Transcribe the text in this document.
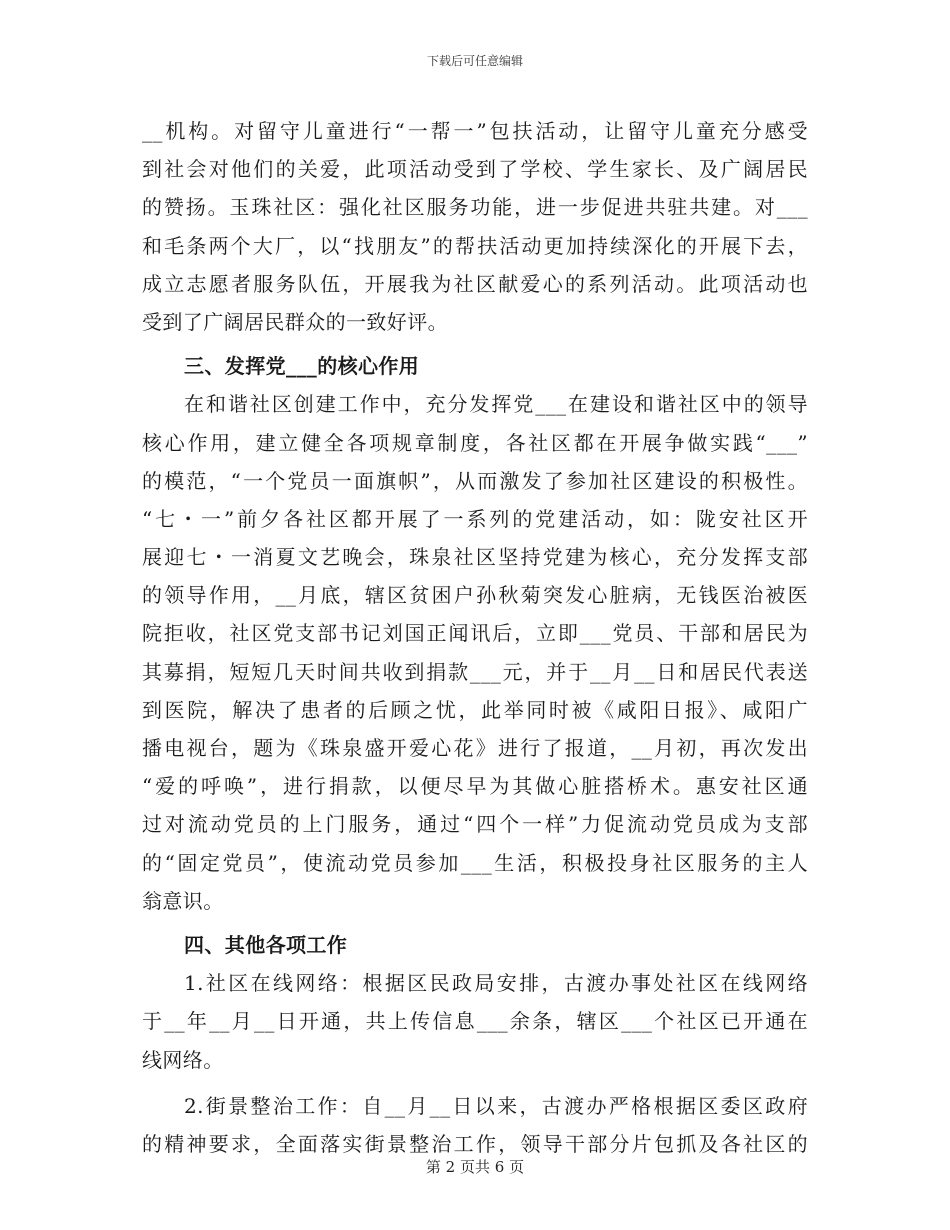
下载后可任意编辑
__机构。对留守儿童进行“一帮一”包扶活动，让留守儿童充分感受
到社会对他们的关爱，此项活动受到了学校、学生家长、及广阔居民
的赞扬。玉珠社区：强化社区服务功能，进一步促进共驻共建。对___
和毛条两个大厂，以“找朋友”的帮扶活动更加持续深化的开展下去，
成立志愿者服务队伍，开展我为社区献爱心的系列活动。此项活动也
受到了广阔居民群众的一致好评。
三、发挥党___的核心作用
在和谐社区创建工作中，充分发挥党___在建设和谐社区中的领导
核心作用，建立健全各项规章制度，各社区都在开展争做实践“___”
的模范，“一个党员一面旗帜”，从而激发了参加社区建设的积极性。
“七・一”前夕各社区都开展了一系列的党建活动，如：陇安社区开
展迎七・一消夏文艺晚会，珠泉社区坚持党建为核心，充分发挥支部
的领导作用，__月底，辖区贫困户孙秋菊突发心脏病，无钱医治被医
院拒收，社区党支部书记刘国正闻讯后，立即___党员、干部和居民为
其募捐，短短几天时间共收到捐款___元，并于__月__日和居民代表送
到医院，解决了患者的后顾之忧，此举同时被《咸阳日报》、咸阳广
播电视台，题为《珠泉盛开爱心花》进行了报道，__月初，再次发出
“爱的呼唤”，进行捐款，以便尽早为其做心脏搭桥术。惠安社区通
过对流动党员的上门服务，通过“四个一样”力促流动党员成为支部
的“固定党员”，使流动党员参加___生活，积极投身社区服务的主人
翁意识。
四、其他各项工作
1.社区在线网络：根据区民政局安排，古渡办事处社区在线网络
于__年__月__日开通，共上传信息___余条，辖区___个社区已开通在
线网络。
2.街景整治工作：自__月__日以来，古渡办严格根据区委区政府
的精神要求，全面落实街景整治工作，领导干部分片包抓及各社区的
第 2 页共 6 页
